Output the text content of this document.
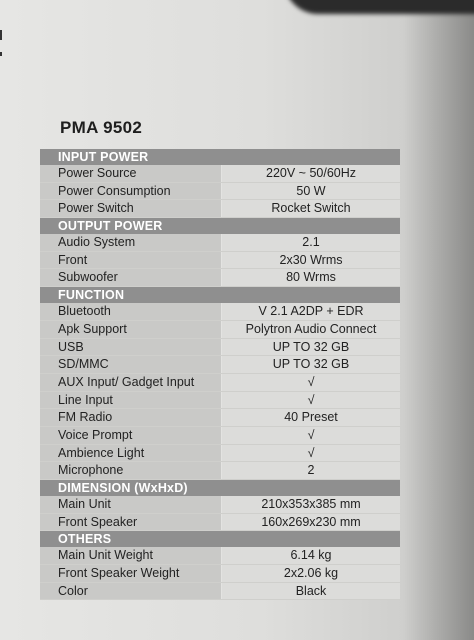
PMA 9502
INPUT POWER
Power Source	220V ~ 50/60Hz
Power Consumption	50 W
Power Switch	Rocket Switch
OUTPUT POWER
Audio System	2.1
Front	2x30 Wrms
Subwoofer	80 Wrms
FUNCTION
Bluetooth	V 2.1 A2DP + EDR
Apk Support	Polytron Audio Connect
USB	UP TO 32 GB
SD/MMC	UP TO 32 GB
AUX Input/ Gadget Input	√
Line Input	√
FM Radio	40 Preset
Voice Prompt	√
Ambience Light	√
Microphone	2
DIMENSION (WxHxD)
Main Unit	210x353x385 mm
Front Speaker	160x269x230 mm
OTHERS
Main Unit Weight	6.14 kg
Front Speaker Weight	2x2.06 kg
Color	Black
